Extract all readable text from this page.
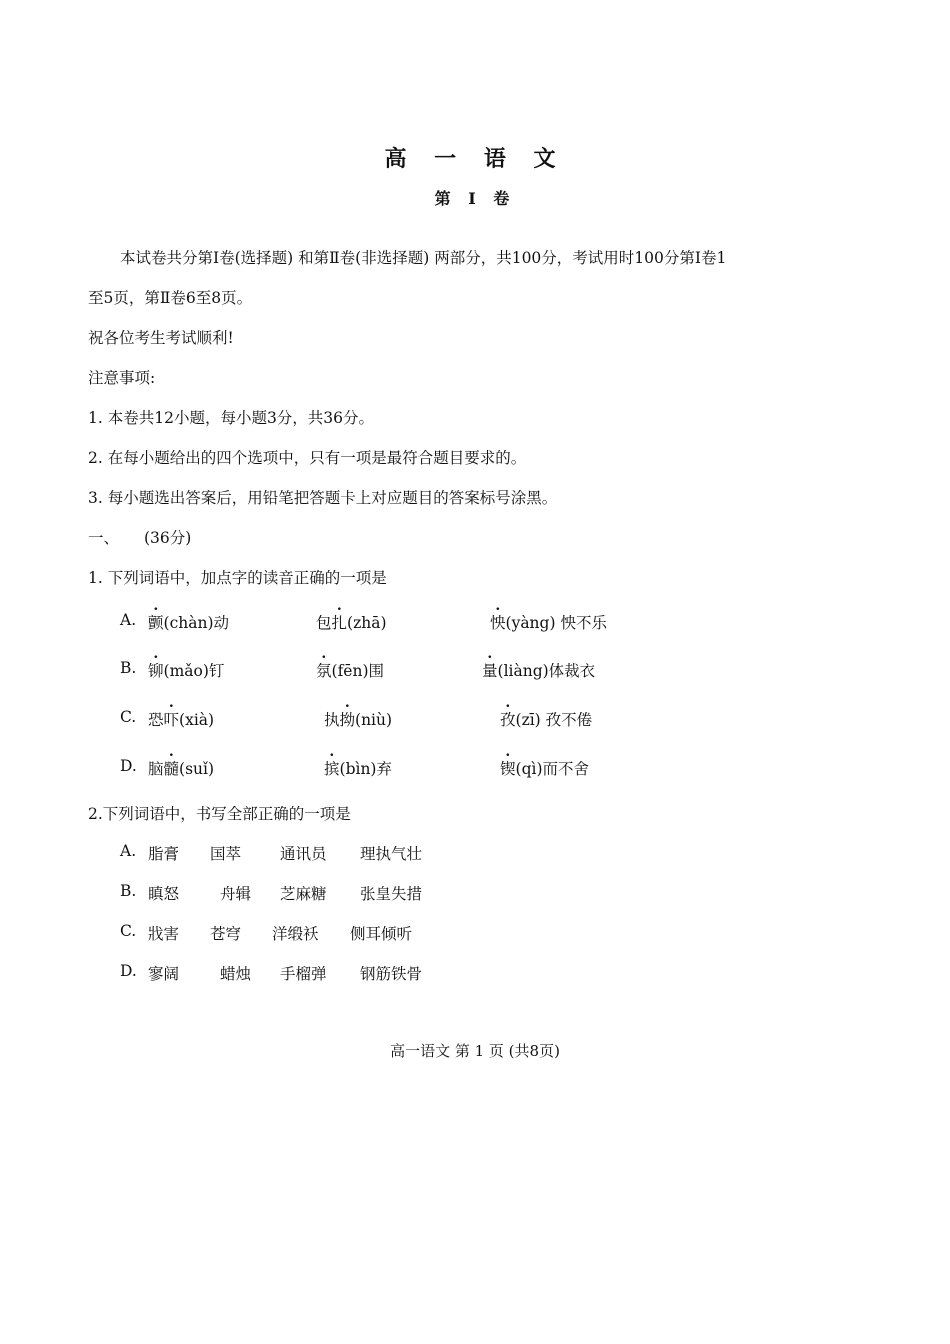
高 一 语 文
第 Ⅰ 卷
本试卷共分第Ⅰ卷(选择题) 和第Ⅱ卷(非选择题) 两部分，共100分，考试用时100分第Ⅰ卷1
至5页，第Ⅱ卷6至8页。
祝各位考生考试顺利!
注意事项:
1. 本卷共12小题，每小题3分，共36分。
2. 在每小题给出的四个选项中，只有一项是最符合题目要求的。
3. 每小题选出答案后，用铅笔把答题卡上对应题目的答案标号涂黑。
一、 (36分)
1. 下列词语中，加点字的读音正确的一项是
A. 颤(chàn)动	包扎(zhā)	怏(yàng) 怏不乐
B. 铆(mǎo)钉	氛(fēn)围	量(liàng)体裁衣
C. 恐吓(xià)	执拗(niù)	孜(zī) 孜不倦
D. 脑髓(suǐ)	摈(bìn)弃	锲(qì)而不舍
2.下列词语中，书写全部正确的一项是
A. 脂膏 国萃	通讯员 理执气壮
B. 瞋怒	舟辑 芝麻糖 张皇失措
C. 戕害 苍穹 洋缎袄 侧耳倾听
D. 寥阔	蜡烛 手榴弹 钢筋铁骨
高一语文 第 1 页 (共8页)
